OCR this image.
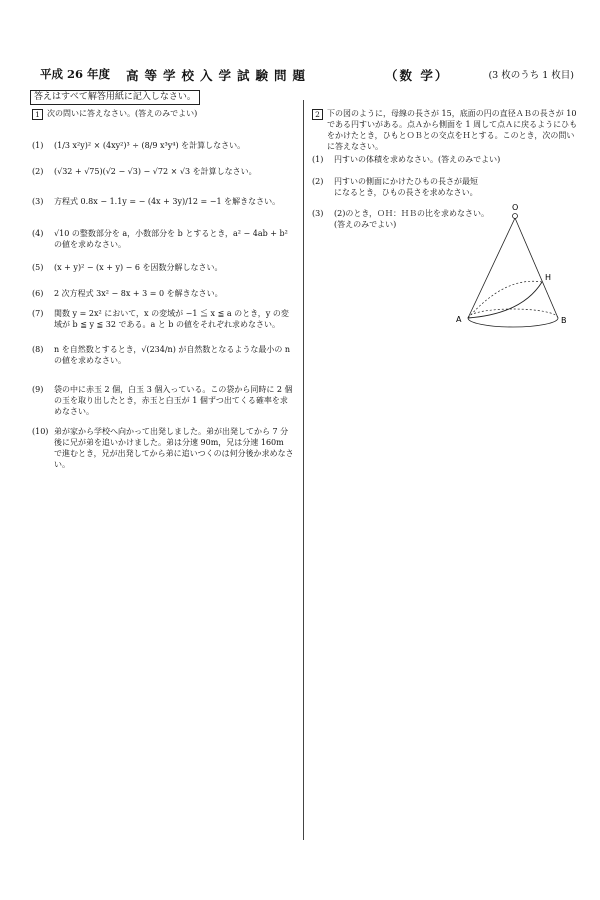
平成 26 年度 高等学校入学試験問題	（数 学）	(3 枚のうち 1 枚目)
答えはすべて解答用紙に記入しなさい。
1 次の問いに答えなさい。(答えのみでよい)
(1)	(1/3 x²y)² × (4xy²)³ ÷ (8/9 x³y⁴) を計算しなさい。
(2)	(√32 + √75)(√2 − √3) − √72 × √3 を計算しなさい。
(3)	方程式 0.8x − 1.1y = − (4x + 3y)/12 = −1 を解きなさい。
(4)	√10 の整数部分を a，小数部分を b とするとき，a² − 4ab + b² の値を求めなさい。
(5)	(x + y)² − (x + y) − 6 を因数分解しなさい。
(6)	2 次方程式 3x² − 8x + 3 = 0 を解きなさい。
(7)	関数 y = 2x² において，x の変域が −1 ≦ x ≦ a のとき，y の変域が b ≦ y ≦ 32 である。a と b の値をそれぞれ求めなさい。
(8)	n を自然数とするとき，√(234/n) が自然数となるような最小の n の値を求めなさい。
(9)	袋の中に赤玉 2 個，白玉 3 個入っている。この袋から同時に 2 個の玉を取り出したとき，赤玉と白玉が 1 個ずつ出てくる確率を求めなさい。
(10) 弟が家から学校へ向かって出発しました。弟が出発してから 7 分後に兄が弟を追いかけました。弟は分速 90m，兄は分速 160m で進むとき，兄が出発してから弟に追いつくのは何分後か求めなさい。
2 下の図のように，母線の長さが 15，底面の円の直径ＡＢの長さが 10 である円すいがある。点Ａから側面を 1 周して点Ａに戻るようにひもをかけたとき，ひもとＯＢとの交点をＨとする。このとき，次の問いに答えなさい。
(1)	円すいの体積を求めなさい。(答えのみでよい)
(2)	円すいの側面にかけたひもの長さが最短になるとき，ひもの長さを求めなさい。
(3)	(2)のとき，ＯＨ：ＨＢの比を求めなさい。
(答えのみでよい)
O
A	B
H
